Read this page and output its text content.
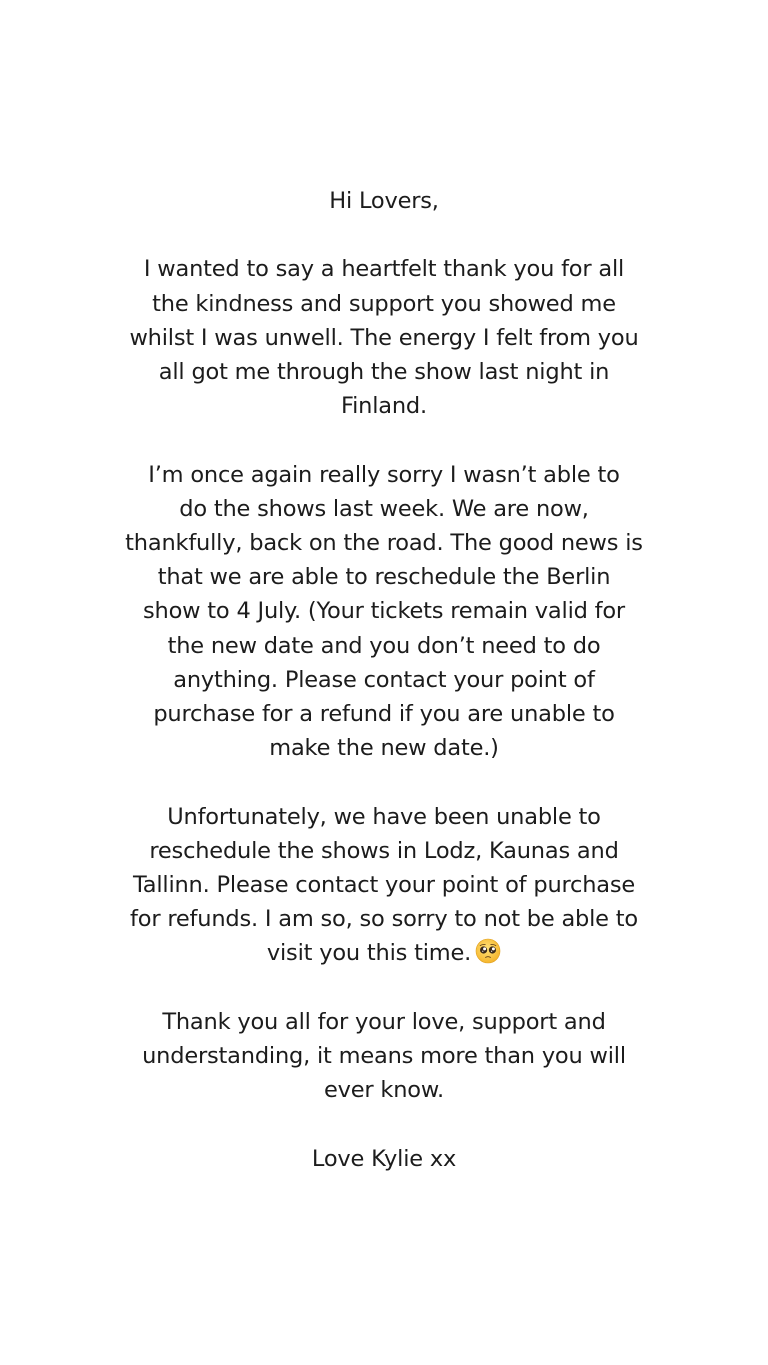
Hi Lovers,

I wanted to say a heartfelt thank you for all
the kindness and support you showed me
whilst I was unwell. The energy I felt from you
all got me through the show last night in
Finland.

I’m once again really sorry I wasn’t able to
do the shows last week. We are now,
thankfully, back on the road. The good news is
that we are able to reschedule the Berlin
show to 4 July. (Your tickets remain valid for
the new date and you don’t need to do
anything. Please contact your point of
purchase for a refund if you are unable to
make the new date.)

Unfortunately, we have been unable to
reschedule the shows in Lodz, Kaunas and
Tallinn. Please contact your point of purchase
for refunds. I am so, so sorry to not be able to
visit you this time.

Thank you all for your love, support and
understanding, it means more than you will
ever know.

Love Kylie xx
